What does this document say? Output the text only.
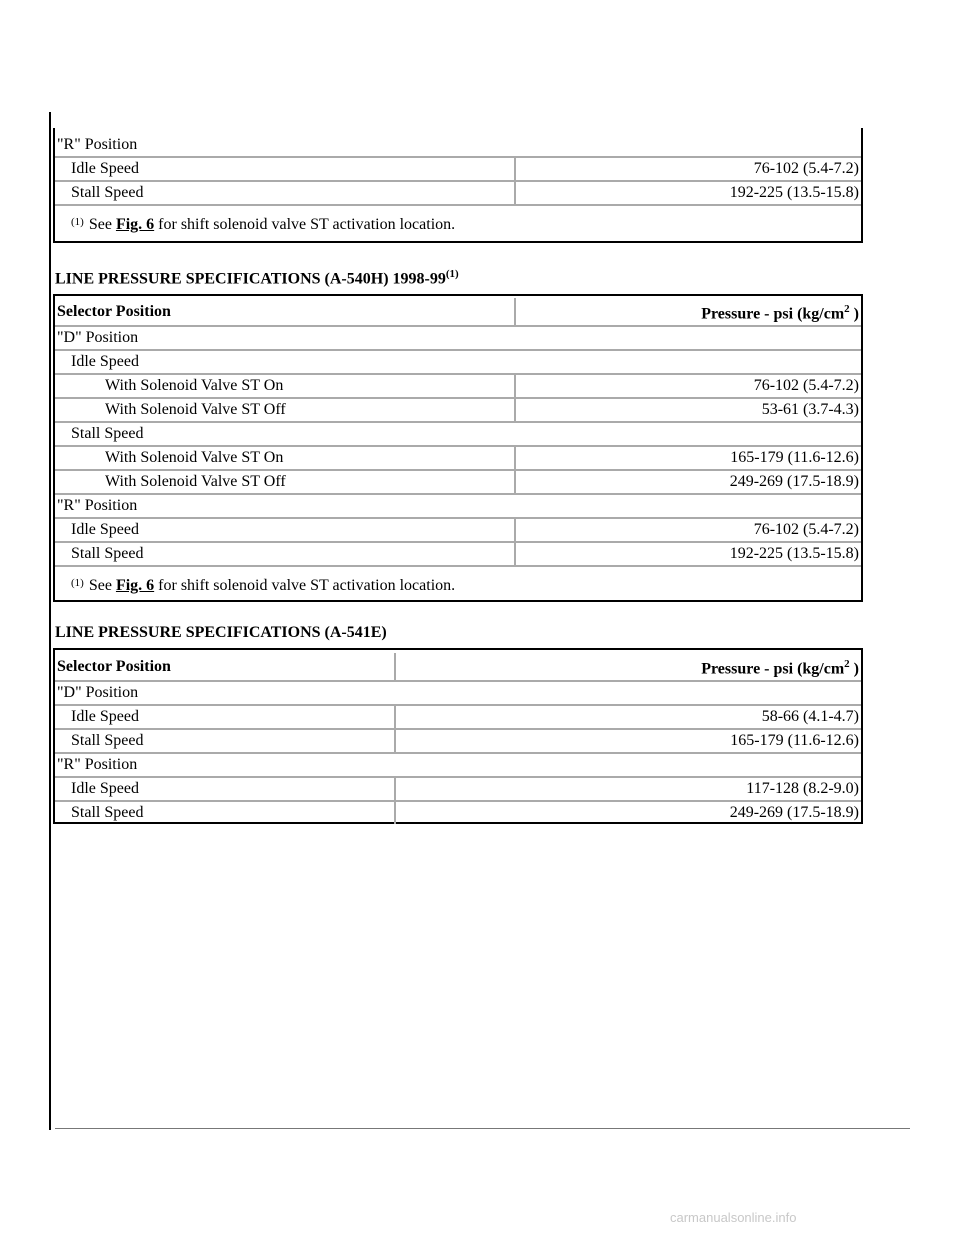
"R" Position	
Idle Speed	76-102 (5.4-7.2)
Stall Speed	192-225 (13.5-15.8)
$^{(1)}$ See Fig. 6 for shift solenoid valve ST activation location.	
LINE PRESSURE SPECIFICATIONS (A-540H) 1998-99$^{(1)}$
Selector Position	Pressure - psi ($kg/cm^2$ )
"D" Position	
Idle Speed	
With Solenoid Valve ST On	76-102 (5.4-7.2)
With Solenoid Valve ST Off	53-61 (3.7-4.3)
Stall Speed	
With Solenoid Valve ST On	165-179 (11.6-12.6)
With Solenoid Valve ST Off	249-269 (17.5-18.9)
"R" Position	
Idle Speed	76-102 (5.4-7.2)
Stall Speed	192-225 (13.5-15.8)
$^{(1)}$ See Fig. 6 for shift solenoid valve ST activation location.	
LINE PRESSURE SPECIFICATIONS (A-541E)
Selector Position	Pressure - psi ($kg/cm^2$ )
"D" Position	
Idle Speed	58-66 (4.1-4.7)
Stall Speed	165-179 (11.6-12.6)
"R" Position	
Idle Speed	117-128 (8.2-9.0)
Stall Speed	249-269 (17.5-18.9)
carmanualsonline.info
